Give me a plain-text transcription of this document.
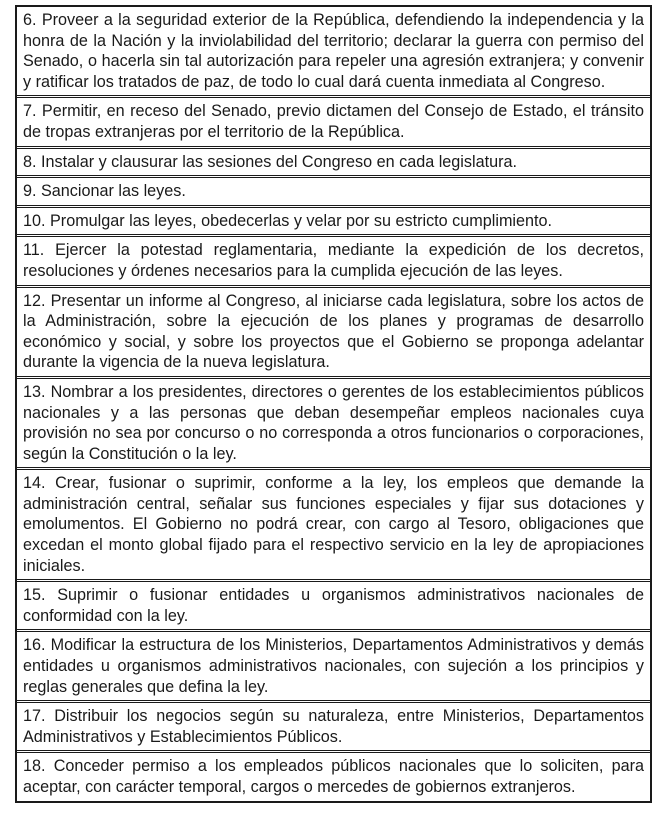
6. Proveer a la seguridad exterior de la República, defendiendo la independencia y la honra de la Nación y la inviolabilidad del territorio; declarar la guerra con permiso del Senado, o hacerla sin tal autorización para repeler una agresión extranjera; y convenir y ratificar los tratados de paz, de todo lo cual dará cuenta inmediata al Congreso.
7. Permitir, en receso del Senado, previo dictamen del Consejo de Estado, el tránsito de tropas extranjeras por el territorio de la República.
8. Instalar y clausurar las sesiones del Congreso en cada legislatura.
9. Sancionar las leyes.
10. Promulgar las leyes, obedecerlas y velar por su estricto cumplimiento.
11. Ejercer la potestad reglamentaria, mediante la expedición de los decretos, resoluciones y órdenes necesarios para la cumplida ejecución de las leyes.
12. Presentar un informe al Congreso, al iniciarse cada legislatura, sobre los actos de la Administración, sobre la ejecución de los planes y programas de desarrollo económico y social, y sobre los proyectos que el Gobierno se proponga adelantar durante la vigencia de la nueva legislatura.
13. Nombrar a los presidentes, directores o gerentes de los establecimientos públicos nacionales y a las personas que deban desempeñar empleos nacionales cuya provisión no sea por concurso o no corresponda a otros funcionarios o corporaciones, según la Constitución o la ley.
14. Crear, fusionar o suprimir, conforme a la ley, los empleos que demande la administración central, señalar sus funciones especiales y fijar sus dotaciones y emolumentos. El Gobierno no podrá crear, con cargo al Tesoro, obligaciones que excedan el monto global fijado para el respectivo servicio en la ley de apropiaciones iniciales.
15. Suprimir o fusionar entidades u organismos administrativos nacionales de conformidad con la ley.
16. Modificar la estructura de los Ministerios, Departamentos Administrativos y demás entidades u organismos administrativos nacionales, con sujeción a los principios y reglas generales que defina la ley.
17. Distribuir los negocios según su naturaleza, entre Ministerios, Departamentos Administrativos y Establecimientos Públicos.
18. Conceder permiso a los empleados públicos nacionales que lo soliciten, para aceptar, con carácter temporal, cargos o mercedes de gobiernos extranjeros.
